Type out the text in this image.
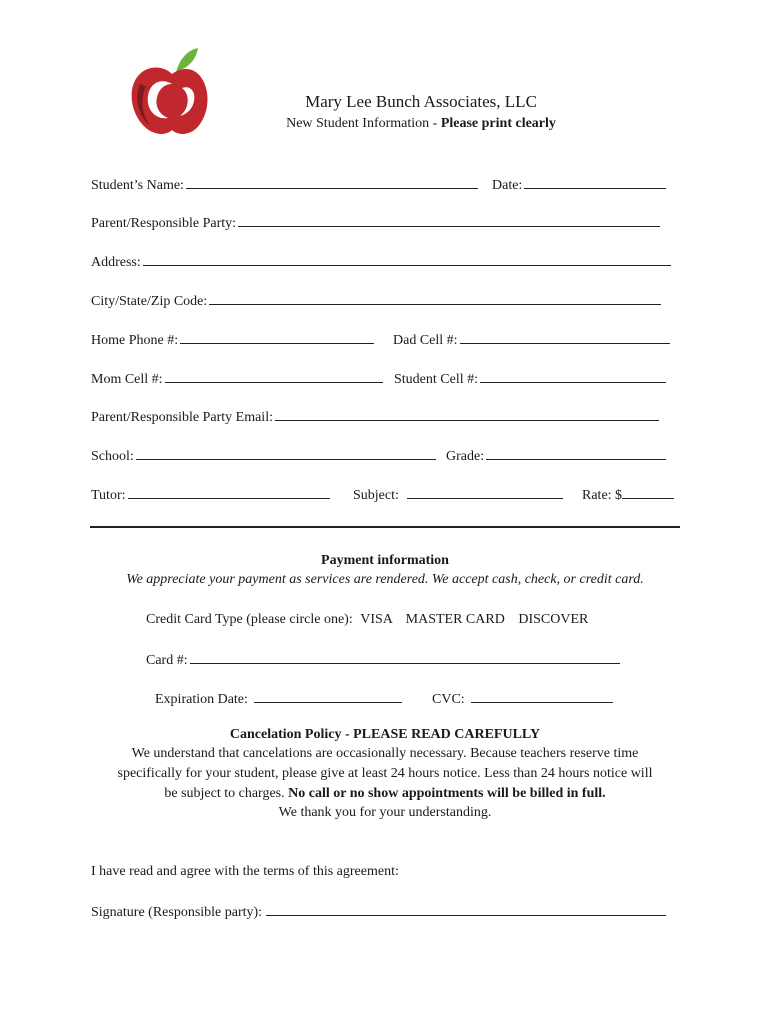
Mary Lee Bunch Associates, LLC
New Student Information - Please print clearly
Student’s Name:	Date:
Parent/Responsible Party:
Address:
City/State/Zip Code:
Home Phone #:	Dad Cell #:
Mom Cell #:	Student Cell #:
Parent/Responsible Party Email:
School:	Grade:
Tutor:	Subject:	Rate: $
Payment information
We appreciate your payment as services are rendered. We accept cash, check, or credit card.
Credit Card Type (please circle one): VISA MASTER CARD DISCOVER
Card #:
Expiration Date:	CVC:
Cancelation Policy - PLEASE READ CAREFULLY
We understand that cancelations are occasionally necessary. Because teachers reserve time
specifically for your student, please give at least 24 hours notice. Less than 24 hours notice will
be subject to charges. No call or no show appointments will be billed in full.
We thank you for your understanding.
I have read and agree with the terms of this agreement:
Signature (Responsible party):
